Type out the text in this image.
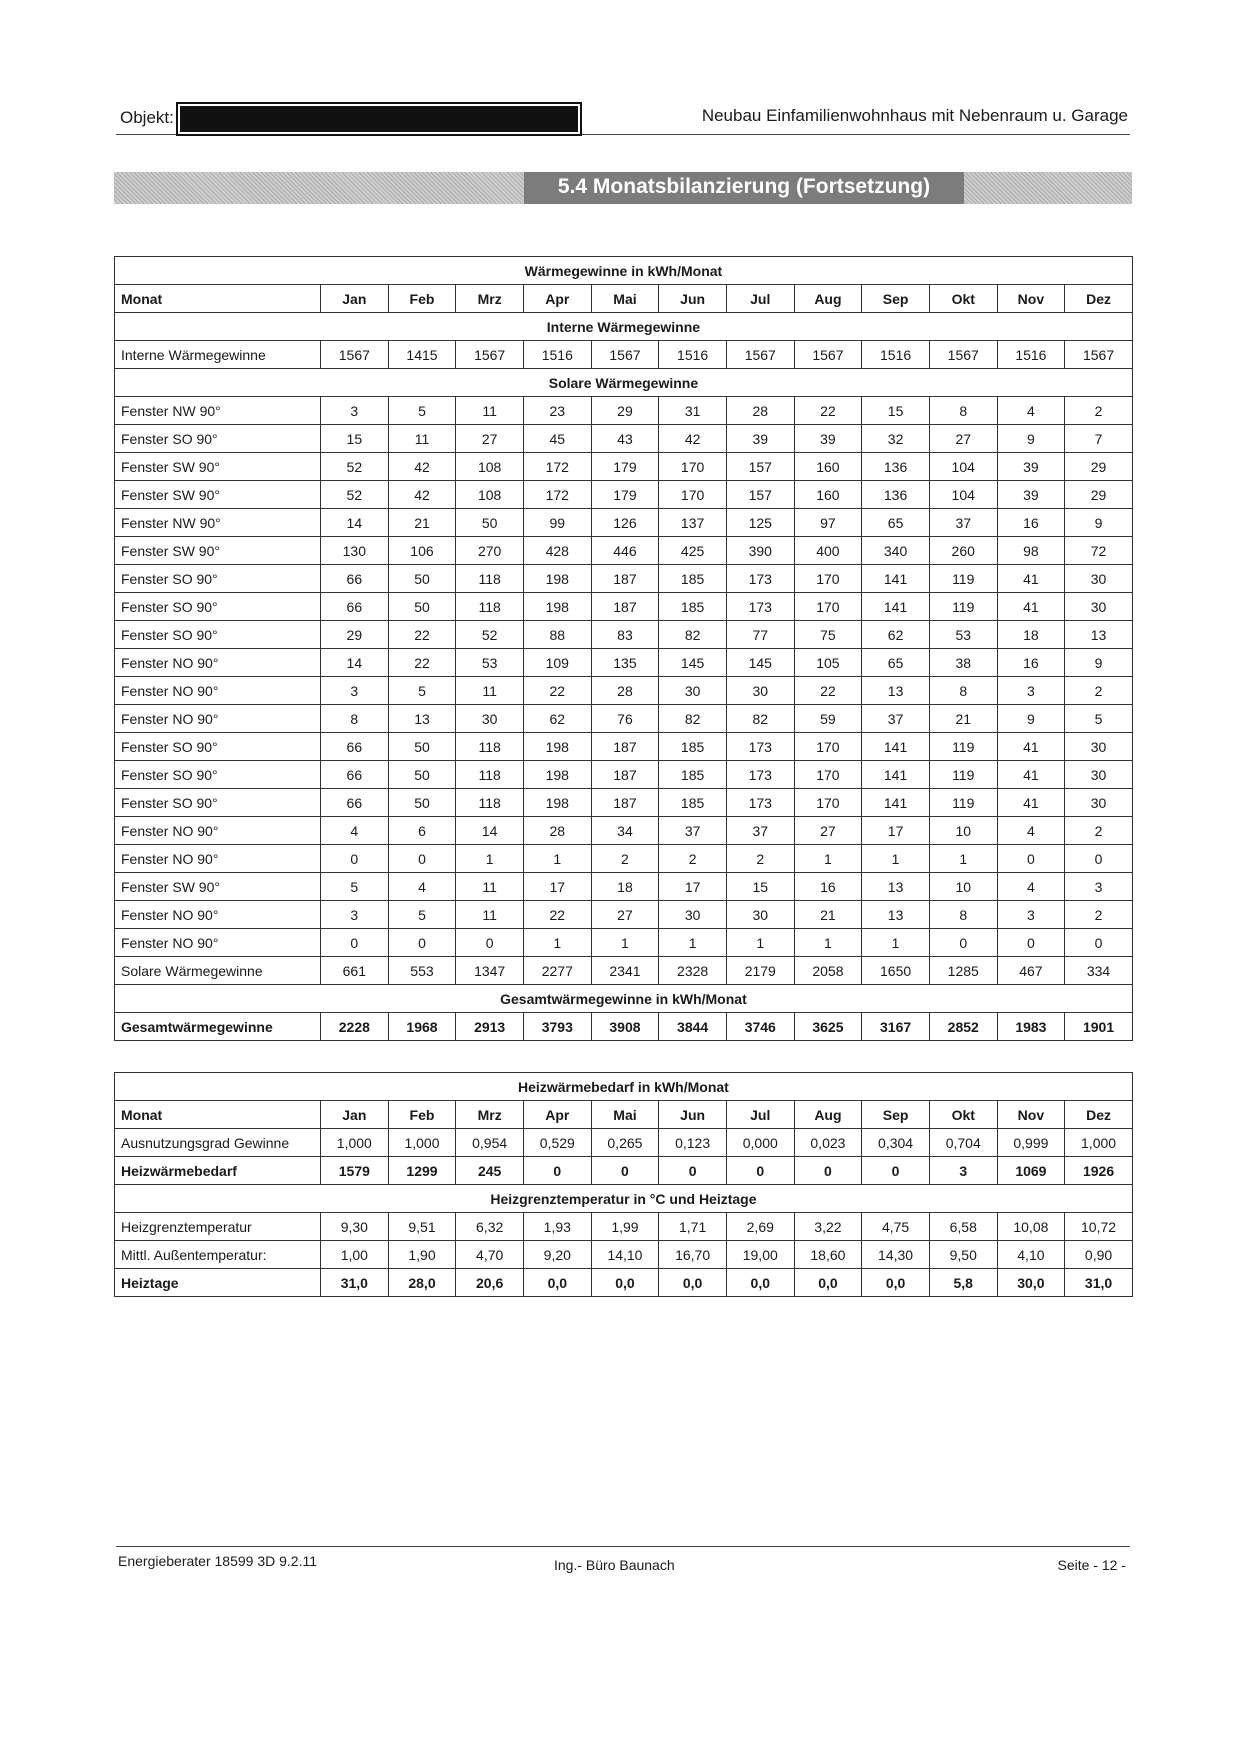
Objekt:	Neubau Einfamilienwohnhaus mit Nebenraum u. Garage
5.4 Monatsbilanzierung (Fortsetzung)
Wärmegewinne in kWh/Monat												
Monat	Jan	Feb	Mrz	Apr	Mai	Jun	Jul	Aug	Sep	Okt	Nov	Dez
Interne Wärmegewinne												
Interne Wärmegewinne	1567	1415	1567	1516	1567	1516	1567	1567	1516	1567	1516	1567
Solare Wärmegewinne												
Fenster NW 90°	3	5	11	23	29	31	28	22	15	8	4	2
Fenster SO 90°	15	11	27	45	43	42	39	39	32	27	9	7
Fenster SW 90°	52	42	108	172	179	170	157	160	136	104	39	29
Fenster SW 90°	52	42	108	172	179	170	157	160	136	104	39	29
Fenster NW 90°	14	21	50	99	126	137	125	97	65	37	16	9
Fenster SW 90°	130	106	270	428	446	425	390	400	340	260	98	72
Fenster SO 90°	66	50	118	198	187	185	173	170	141	119	41	30
Fenster SO 90°	66	50	118	198	187	185	173	170	141	119	41	30
Fenster SO 90°	29	22	52	88	83	82	77	75	62	53	18	13
Fenster NO 90°	14	22	53	109	135	145	145	105	65	38	16	9
Fenster NO 90°	3	5	11	22	28	30	30	22	13	8	3	2
Fenster NO 90°	8	13	30	62	76	82	82	59	37	21	9	5
Fenster SO 90°	66	50	118	198	187	185	173	170	141	119	41	30
Fenster SO 90°	66	50	118	198	187	185	173	170	141	119	41	30
Fenster SO 90°	66	50	118	198	187	185	173	170	141	119	41	30
Fenster NO 90°	4	6	14	28	34	37	37	27	17	10	4	2
Fenster NO 90°	0	0	1	1	2	2	2	1	1	1	0	0
Fenster SW 90°	5	4	11	17	18	17	15	16	13	10	4	3
Fenster NO 90°	3	5	11	22	27	30	30	21	13	8	3	2
Fenster NO 90°	0	0	0	1	1	1	1	1	1	0	0	0
Solare Wärmegewinne	661	553	1347	2277	2341	2328	2179	2058	1650	1285	467	334
Gesamtwärmegewinne in kWh/Monat												
Gesamtwärmegewinne	2228	1968	2913	3793	3908	3844	3746	3625	3167	2852	1983	1901
Heizwärmebedarf in kWh/Monat												
Monat	Jan	Feb	Mrz	Apr	Mai	Jun	Jul	Aug	Sep	Okt	Nov	Dez
Ausnutzungsgrad Gewinne	1,000	1,000	0,954	0,529	0,265	0,123	0,000	0,023	0,304	0,704	0,999	1,000
Heizwärmebedarf	1579	1299	245	0	0	0	0	0	0	3	1069	1926
Heizgrenztemperatur in °C und Heiztage												
Heizgrenztemperatur	9,30	9,51	6,32	1,93	1,99	1,71	2,69	3,22	4,75	6,58	10,08	10,72
Mittl. Außentemperatur:	1,00	1,90	4,70	9,20	14,10	16,70	19,00	18,60	14,30	9,50	4,10	0,90
Heiztage	31,0	28,0	20,6	0,0	0,0	0,0	0,0	0,0	0,0	5,8	30,0	31,0
Energieberater 18599 3D 9.2.11	Ing.- Büro Baunach	Seite - 12 -
